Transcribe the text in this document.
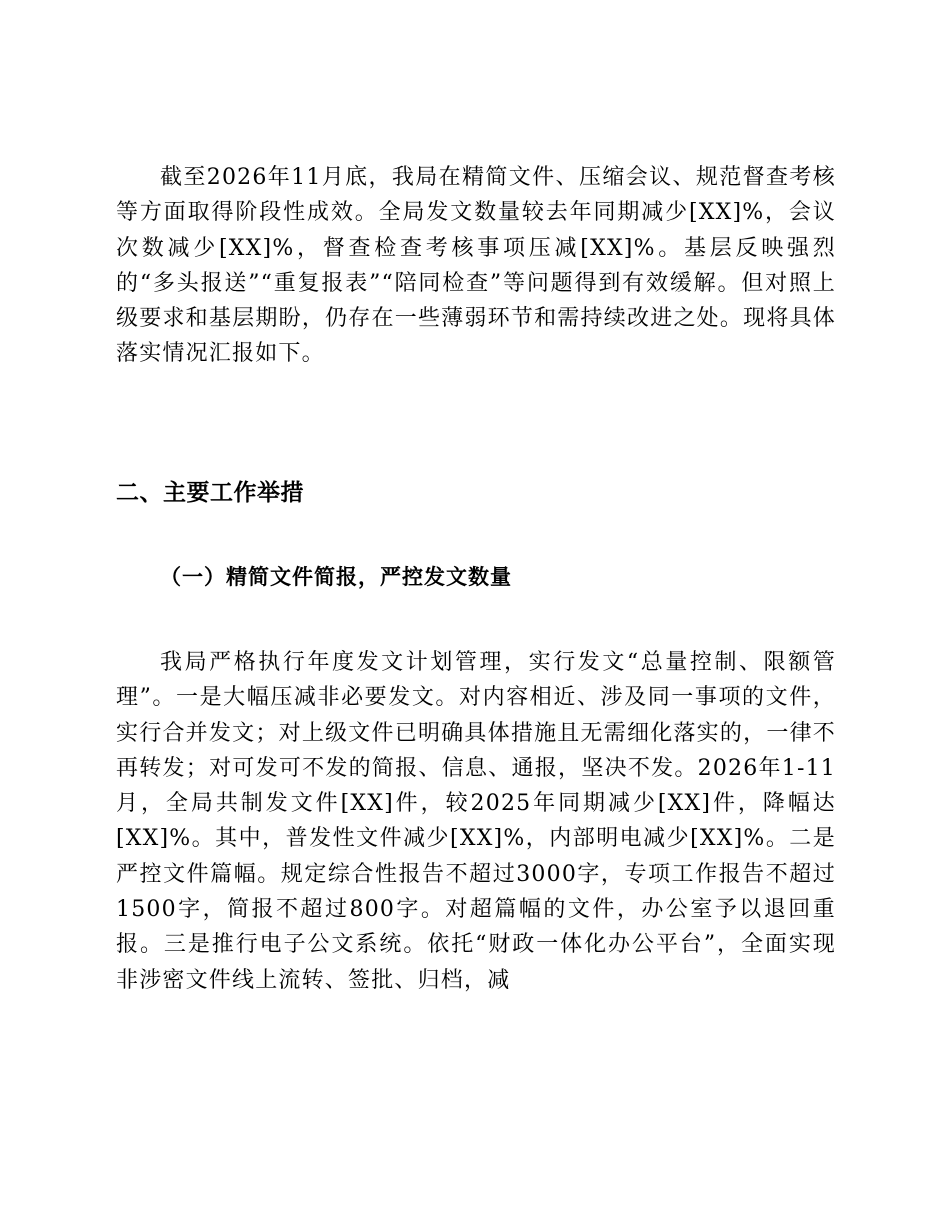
截至2026年11月底，我局在精简文件、压缩会议、规范督查考核等方面取得阶段性成效。全局发文数量较去年同期减少[XX]%，会议次数减少[XX]%，督查检查考核事项压减[XX]%。基层反映强烈的“多头报送”“重复报表”“陪同检查”等问题得到有效缓解。但对照上级要求和基层期盼，仍存在一些薄弱环节和需持续改进之处。现将具体落实情况汇报如下。

二、主要工作举措
（一）精简文件简报，严控发文数量

我局严格执行年度发文计划管理，实行发文“总量控制、限额管理”。一是大幅压减非必要发文。对内容相近、涉及同一事项的文件，实行合并发文；对上级文件已明确具体措施且无需细化落实的，一律不再转发；对可发可不发的简报、信息、通报，坚决不发。2026年1-11月，全局共制发文件[XX]件，较2025年同期减少[XX]件，降幅达[XX]%。其中，普发性文件减少[XX]%，内部明电减少[XX]%。二是严控文件篇幅。规定综合性报告不超过3000字，专项工作报告不超过1500字，简报不超过800字。对超篇幅的文件，办公室予以退回重报。三是推行电子公文系统。依托“财政一体化办公平台”，全面实现非涉密文件线上流转、签批、归档，减
